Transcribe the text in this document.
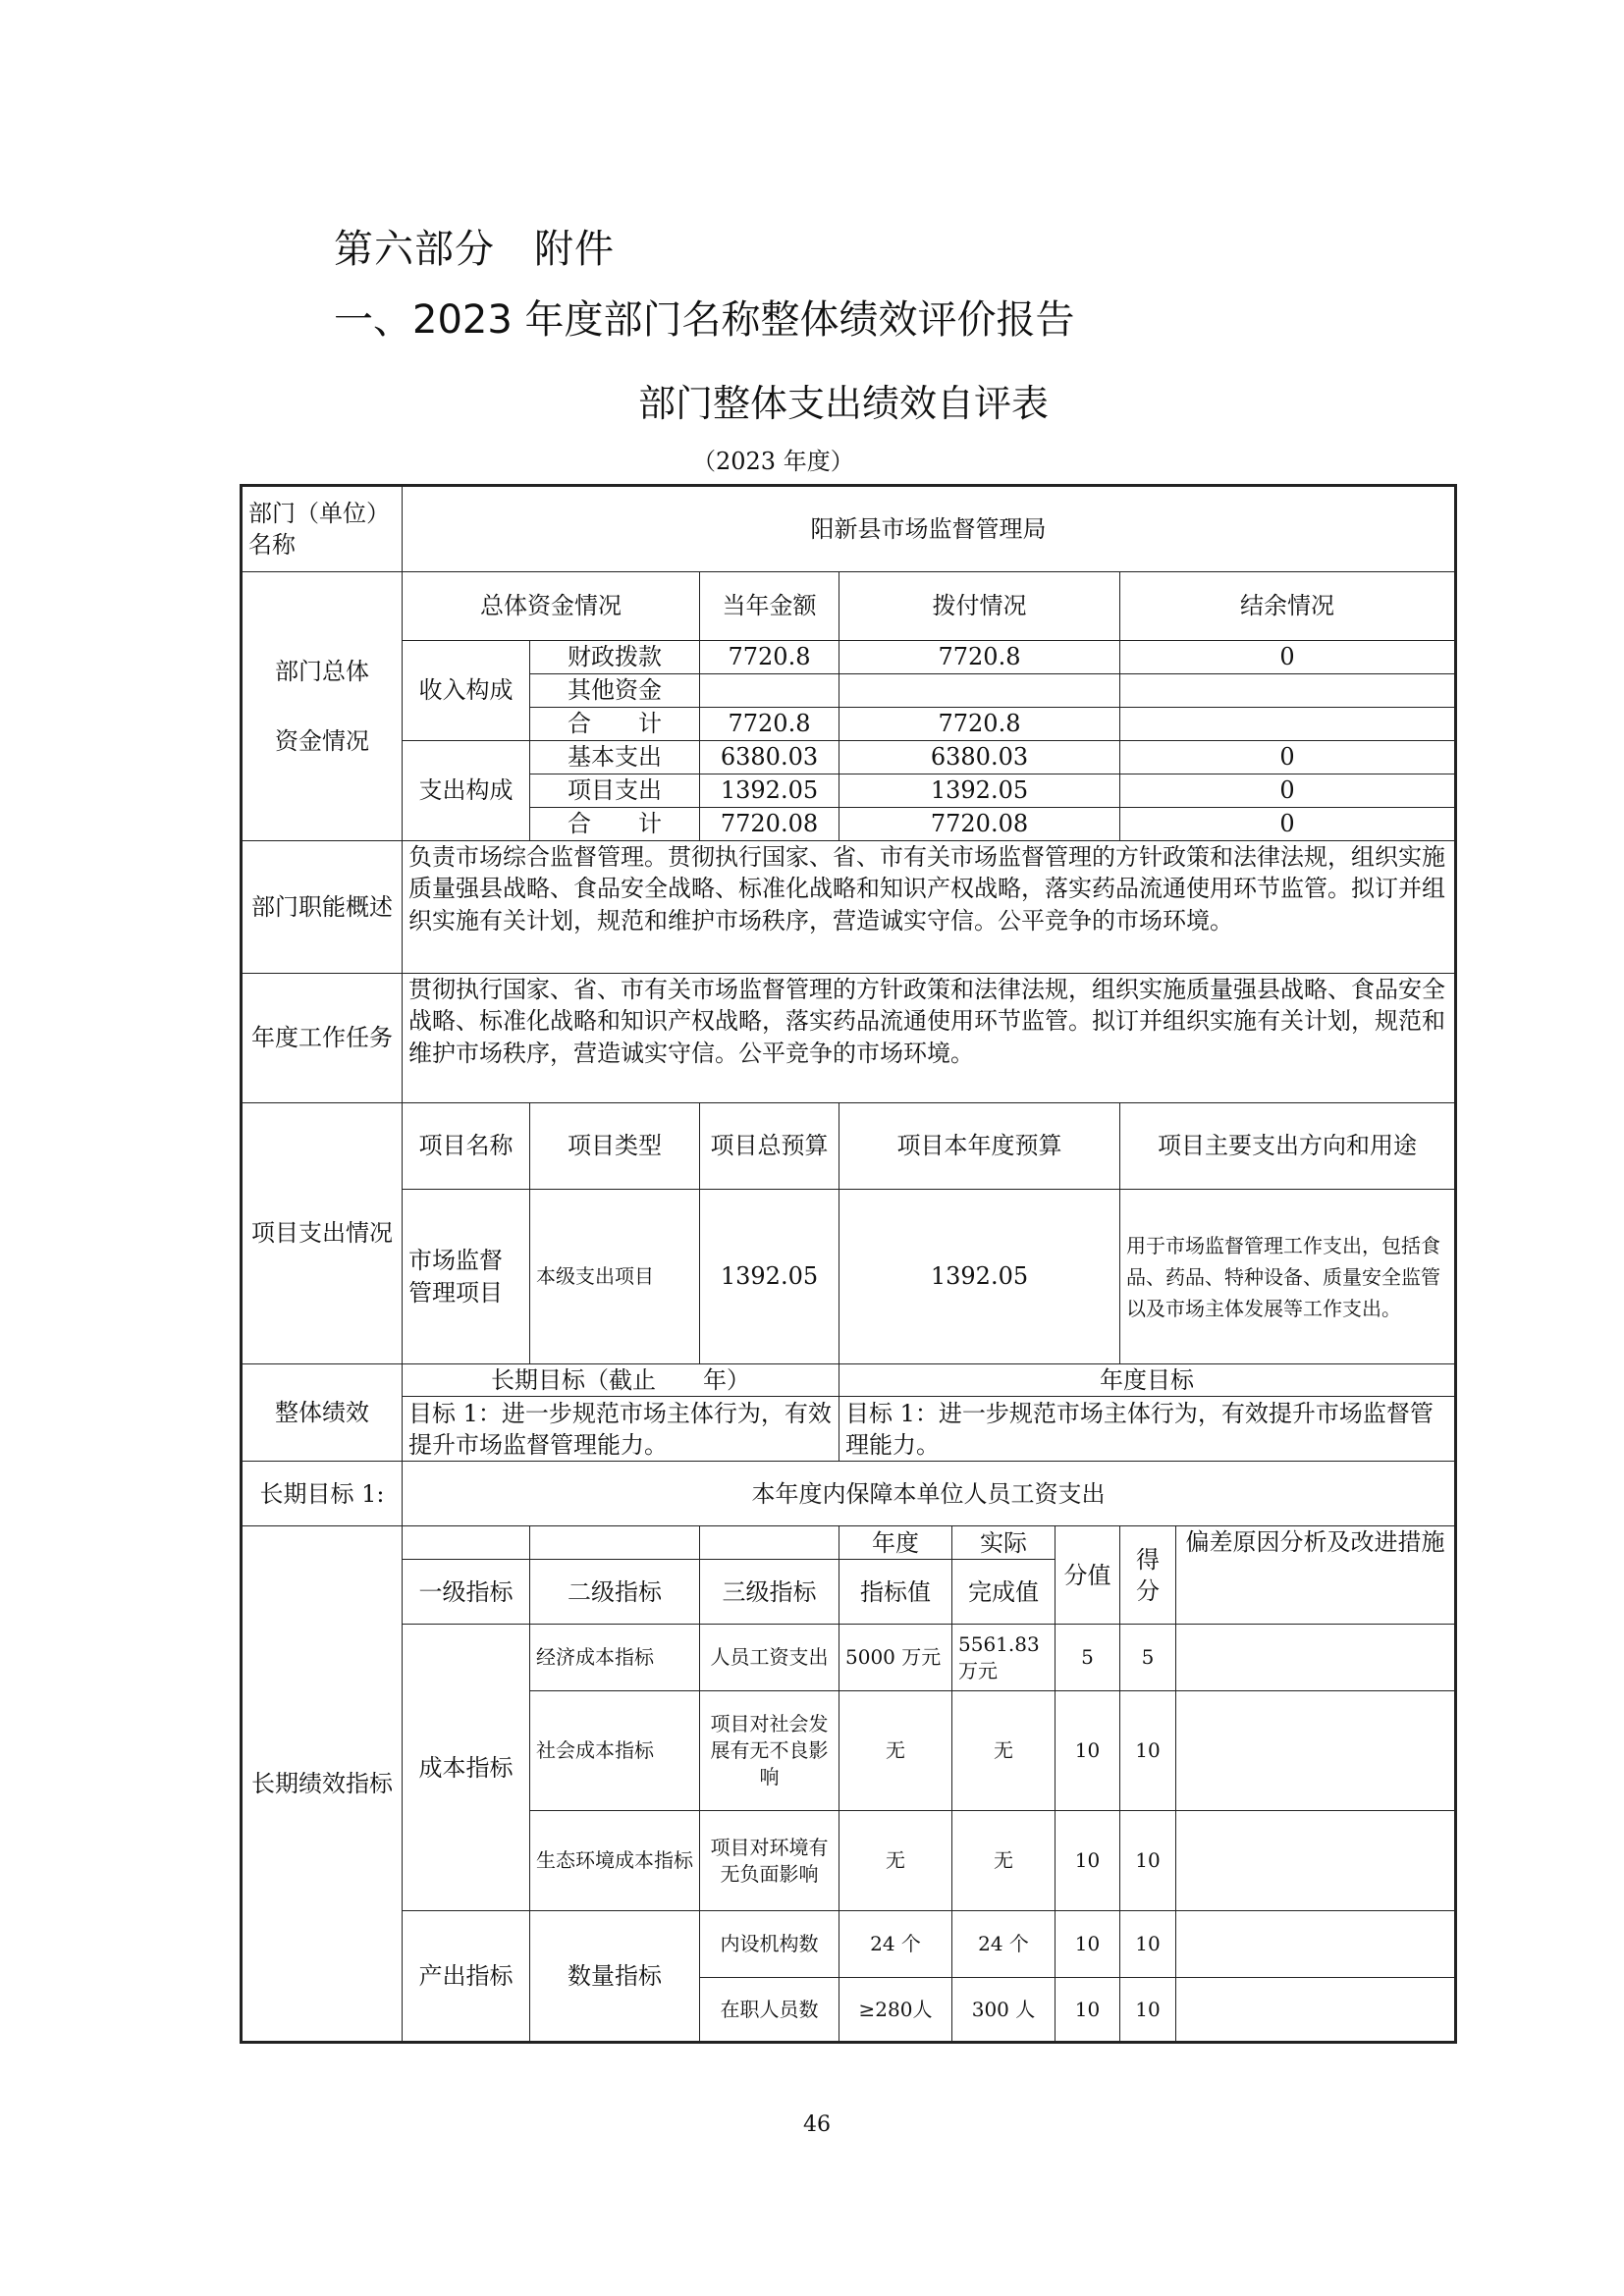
第六部分 附件
一、2023 年度部门名称整体绩效评价报告
部门整体支出绩效自评表
（2023 年度）
部门（单位）名称	阳新县市场监督管理局							

部门总体
资金情况	总体资金情况		当年金额	拨付情况			结余情况	
	收入构成	财政拨款	7720.8	7720.8			0	
		其他资金						
		合　　计	7720.8	7720.8				
	支出构成	基本支出	6380.03	6380.03			0	
		项目支出	1392.05	1392.05			0	
		合　　计	7720.08	7720.08			0	
部门职能概述	负责市场综合监督管理。贯彻执行国家、省、市有关市场监督管理的方针政策和法律法规，组织实施质量强县战略、食品安全战略、标准化战略和知识产权战略，落实药品流通使用环节监管。拟订并组织实施有关计划，规范和维护市场秩序，营造诚实守信。公平竞争的市场环境。							
年度工作任务	贯彻执行国家、省、市有关市场监督管理的方针政策和法律法规，组织实施质量强县战略、食品安全战略、标准化战略和知识产权战略，落实药品流通使用环节监管。拟订并组织实施有关计划，规范和维护市场秩序，营造诚实守信。公平竞争的市场环境。							
项目支出情况	项目名称	项目类型	项目总预算	项目本年度预算			项目主要支出方向和用途	
	市场监督管理项目	本级支出项目	1392.05	1392.05			用于市场监督管理工作支出，包括食品、药品、特种设备、质量安全监管以及市场主体发展等工作支出。	
整体绩效	长期目标（截止　　年）			年度目标				
	目标 1：进一步规范市场主体行为，有效提升市场监督管理能力。			目标 1：进一步规范市场主体行为，有效提升市场监督管理能力。				
长期目标 1:	本年度内保障本单位人员工资支出							
长期绩效指标				年度	实际	分值	得分	偏差原因分析及改进措施
	一级指标	二级指标	三级指标	指标值	完成值			
	成本指标	经济成本指标	人员工资支出	5000 万元	5561.83 万元	5	5	
		社会成本指标	项目对社会发展有无不良影响	无	无	10	10	
		生态环境成本指标	项目对环境有无负面影响	无	无	10	10	
	产出指标	数量指标	内设机构数	24 个	24 个	10	10	
			在职人员数	≥280人	300 人	10	10	
46
